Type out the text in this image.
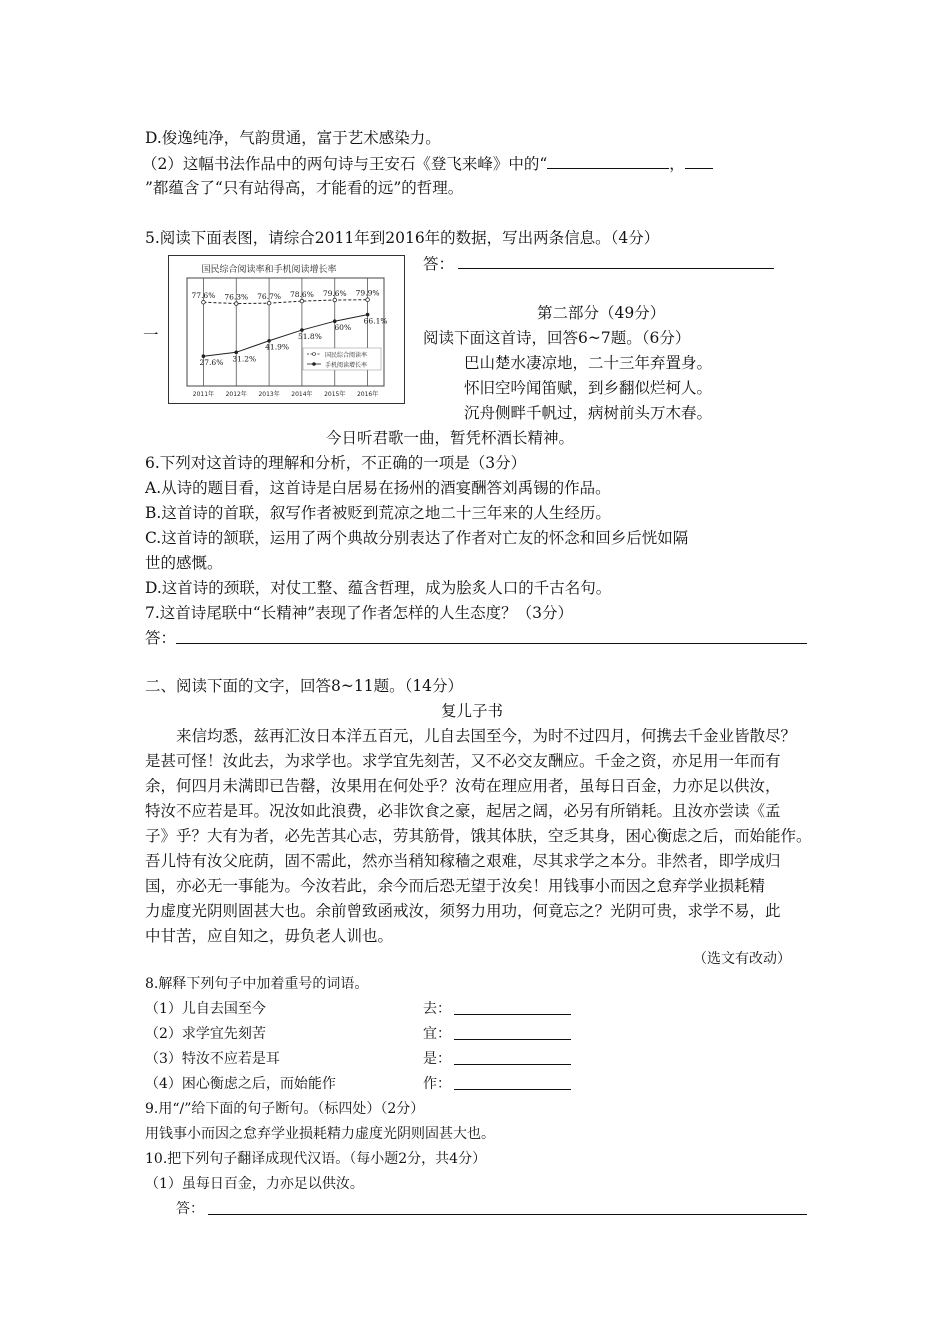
D.俊逸纯净，气韵贯通，富于艺术感染力。
（2）这幅书法作品中的两句诗与王安石《登飞来峰》中的“	，
”都蕴含了“只有站得高，才能看的远”的哲理。
5.阅读下面表图，请综合2011年到2016年的数据，写出两条信息。（4分）
答：
国民综合阅读率和手机阅读增长率
2011年 2012年 2013年 2014年 2015年 2016年
77.6% 76.3% 76.7% 78.6% 79.6% 79.9%
27.6% 31.2%
41.9%
51.8%
60%
66.1%
国民综合阅读率
手机阅读增长率
一
第二部分（49分）
阅读下面这首诗，回答6~7题。（6分）
巴山楚水凄凉地，二十三年弃置身。
怀旧空吟闻笛赋，到乡翻似烂柯人。
沉舟侧畔千帆过，病树前头万木春。
今日听君歌一曲，暂凭杯酒长精神。
6.下列对这首诗的理解和分析，不正确的一项是（3分）
A.从诗的题目看，这首诗是白居易在扬州的酒宴酬答刘禹锡的作品。
B.这首诗的首联，叙写作者被贬到荒凉之地二十三年来的人生经历。
C.这首诗的颔联，运用了两个典故分别表达了作者对亡友的怀念和回乡后恍如隔
世的感慨。
D.这首诗的颈联，对仗工整、蕴含哲理，成为脍炙人口的千古名句。
7.这首诗尾联中“长精神”表现了作者怎样的人生态度？（3分）
答：
二、阅读下面的文字，回答8~11题。（14分）
复儿子书
来信均悉，兹再汇汝日本洋五百元，儿自去国至今，为时不过四月，何携去千金业皆散尽？
是甚可怪！汝此去，为求学也。求学宜先刻苦，又不必交友酬应。千金之资，亦足用一年而有
余，何四月未满即已告罄，汝果用在何处乎？汝苟在理应用者，虽每日百金，力亦足以供汝，
特汝不应若是耳。况汝如此浪费，必非饮食之豪，起居之阔，必另有所销耗。且汝亦尝读《孟
子》乎？大有为者，必先苦其心志，劳其筋骨，饿其体肤，空乏其身，困心衡虑之后，而始能作。
吾儿恃有汝父庇荫，固不需此，然亦当稍知稼穑之艰难，尽其求学之本分。非然者，即学成归
国，亦必无一事能为。今汝若此，余今而后恐无望于汝矣！用钱事小而因之怠弃学业损耗精
力虚度光阴则固甚大也。余前曾致函戒汝，须努力用功，何竟忘之？光阴可贵，求学不易，此
中甘苦，应自知之，毋负老人训也。
（选文有改动）
8.解释下列句子中加着重号的词语。
（1）儿自去国至今	去：
（2）求学宜先刻苦	宜：
（3）特汝不应若是耳	是：
（4）困心衡虑之后，而始能作	作：
9.用“/”给下面的句子断句。（标四处）（2分）
用钱事小而因之怠弃学业损耗精力虚度光阴则固甚大也。
10.把下列句子翻译成现代汉语。（每小题2分，共4分）
（1）虽每日百金，力亦足以供汝。
答：
